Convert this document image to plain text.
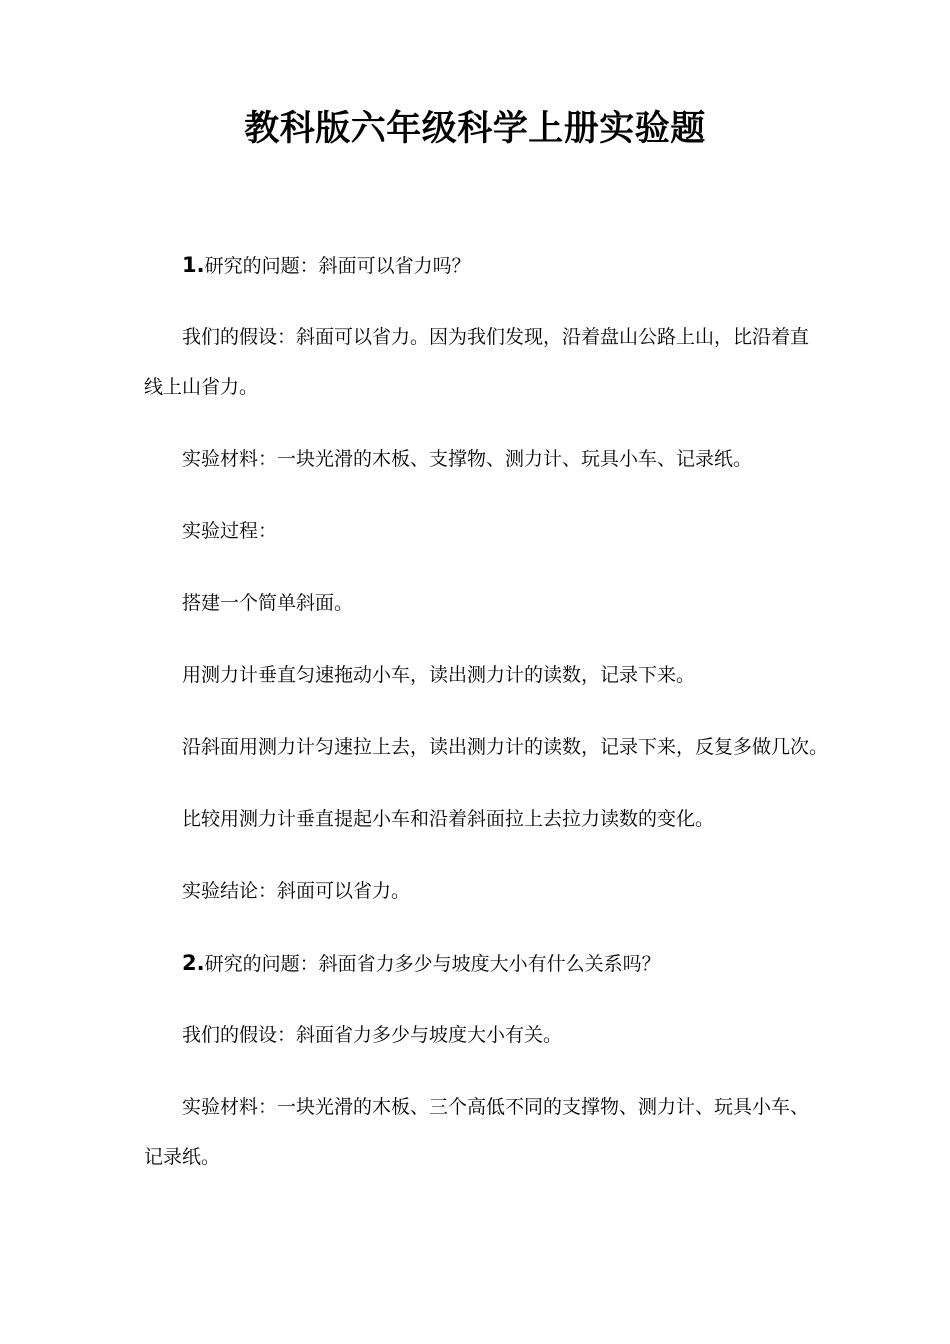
教科版六年级科学上册实验题
1.研究的问题：斜面可以省力吗？
我们的假设：斜面可以省力。因为我们发现，沿着盘山公路上山，比沿着直
线上山省力。
实验材料：一块光滑的木板、支撑物、测力计、玩具小车、记录纸。
实验过程：
搭建一个简单斜面。
用测力计垂直匀速拖动小车，读出测力计的读数，记录下来。
沿斜面用测力计匀速拉上去，读出测力计的读数，记录下来，反复多做几次。
比较用测力计垂直提起小车和沿着斜面拉上去拉力读数的变化。
实验结论：斜面可以省力。
2.研究的问题：斜面省力多少与坡度大小有什么关系吗？
我们的假设：斜面省力多少与坡度大小有关。
实验材料：一块光滑的木板、三个高低不同的支撑物、测力计、玩具小车、
记录纸。
